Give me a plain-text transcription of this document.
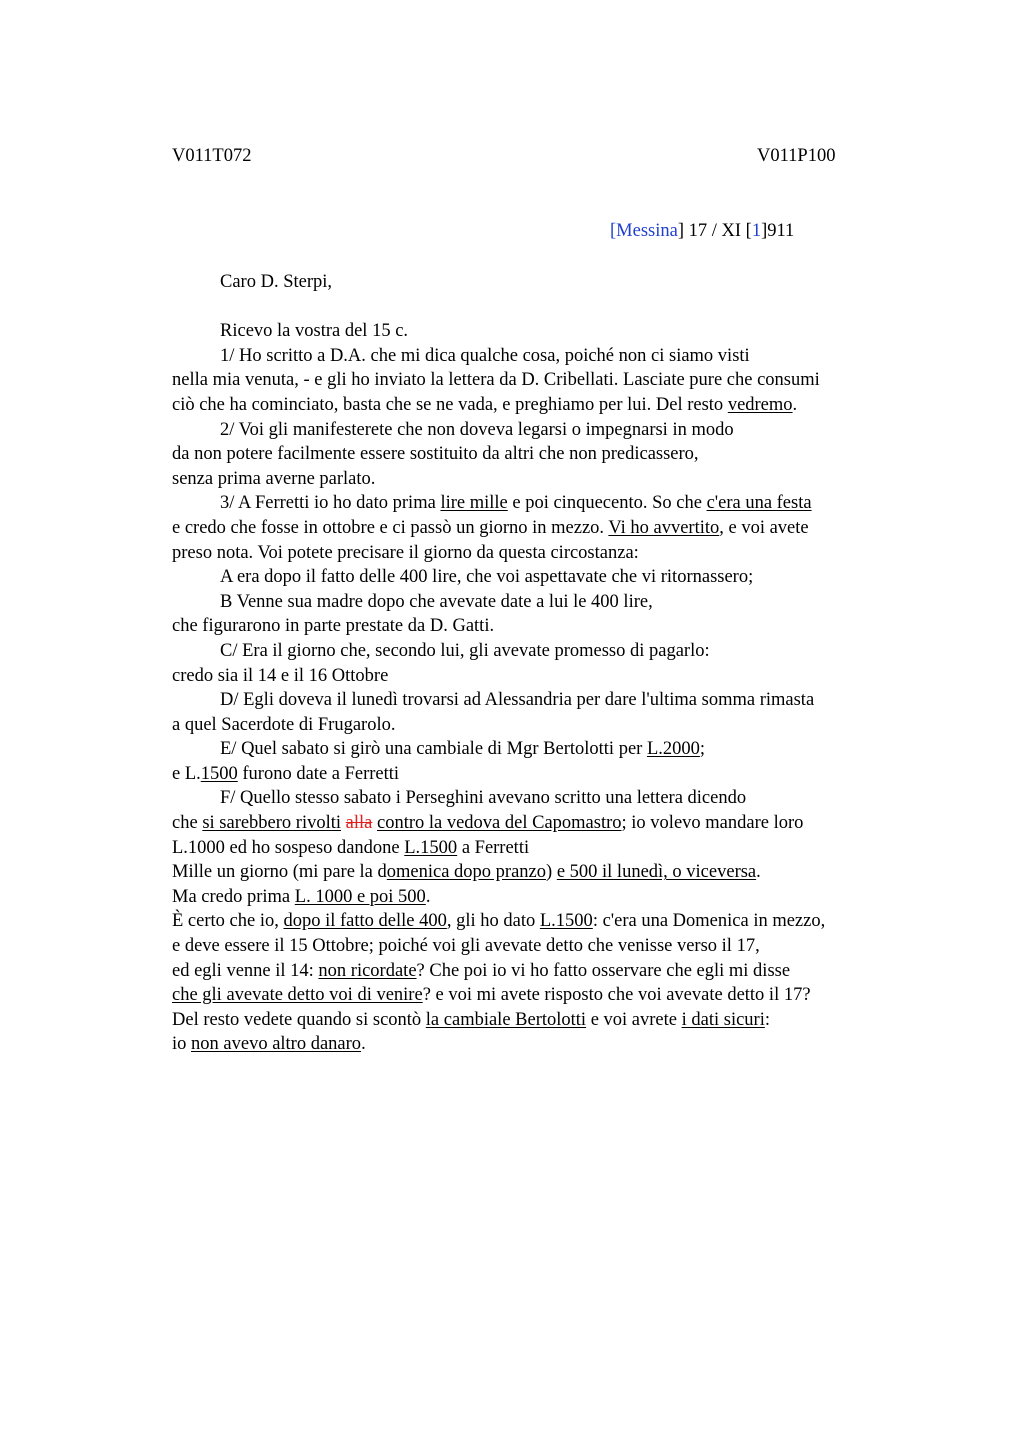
V011T072	V011P100
[Messina] 17 / XI [1]911
Caro D. Sterpi,
Ricevo la vostra del 15 c.
1/ Ho scritto a D.A. che mi dica qualche cosa, poiché non ci siamo visti
nella mia venuta, - e gli ho inviato la lettera da D. Cribellati. Lasciate pure che consumi
ciò che ha cominciato, basta che se ne vada, e preghiamo per lui. Del resto vedremo.
2/ Voi gli manifesterete che non doveva legarsi o impegnarsi in modo
da non potere facilmente essere sostituito da altri che non predicassero,
senza prima averne parlato.
3/ A Ferretti io ho dato prima lire mille e poi cinquecento. So che c'era una festa
e credo che fosse in ottobre e ci passò un giorno in mezzo. Vi ho avvertito, e voi avete
preso nota. Voi potete precisare il giorno da questa circostanza:
A era dopo il fatto delle 400 lire, che voi aspettavate che vi ritornassero;
B Venne sua madre dopo che avevate date a lui le 400 lire,
che figurarono in parte prestate da D. Gatti.
C/ Era il giorno che, secondo lui, gli avevate promesso di pagarlo:
credo sia il 14 e il 16 Ottobre
D/ Egli doveva il lunedì trovarsi ad Alessandria per dare l'ultima somma rimasta
a quel Sacerdote di Frugarolo.
E/ Quel sabato si girò una cambiale di Mgr Bertolotti per L.2000;
e L.1500 furono date a Ferretti
F/ Quello stesso sabato i Perseghini avevano scritto una lettera dicendo
che si sarebbero rivolti alla contro la vedova del Capomastro; io volevo mandare loro
L.1000 ed ho sospeso dandone L.1500 a Ferretti
Mille un giorno (mi pare la domenica dopo pranzo) e 500 il lunedì, o viceversa.
Ma credo prima L. 1000 e poi 500.
È certo che io, dopo il fatto delle 400, gli ho dato L.1500: c'era una Domenica in mezzo,
e deve essere il 15 Ottobre; poiché voi gli avevate detto che venisse verso il 17,
ed egli venne il 14: non ricordate? Che poi io vi ho fatto osservare che egli mi disse
che gli avevate detto voi di venire? e voi mi avete risposto che voi avevate detto il 17?
Del resto vedete quando si scontò la cambiale Bertolotti e voi avrete i dati sicuri:
io non avevo altro danaro.
